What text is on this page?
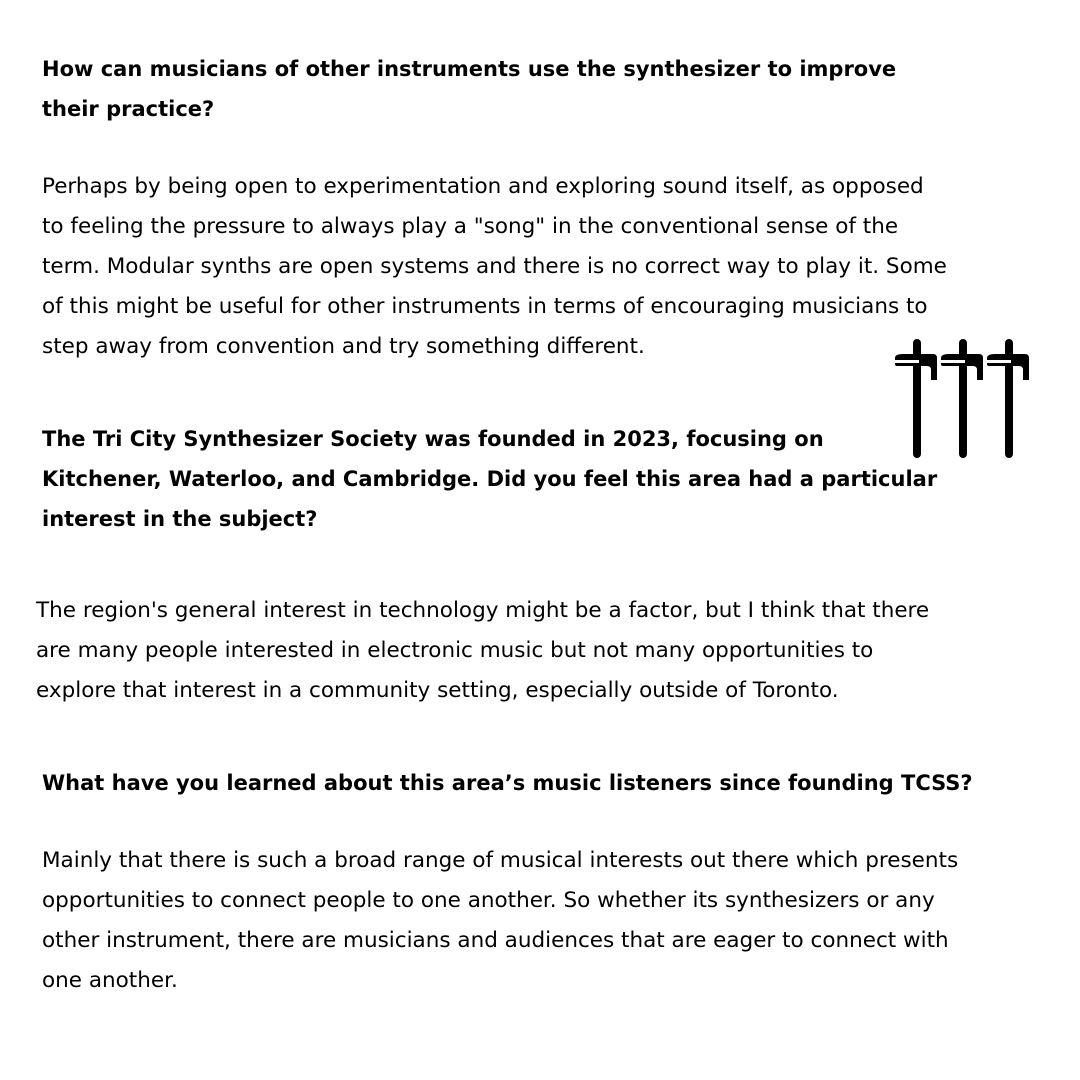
How can musicians of other instruments use the synthesizer to improve
their practice?

Perhaps by being open to experimentation and exploring sound itself, as opposed
to feeling the pressure to always play a "song" in the conventional sense of the
term. Modular synths are open systems and there is no correct way to play it. Some
of this might be useful for other instruments in terms of encouraging musicians to
step away from convention and try something different.

The Tri City Synthesizer Society was founded in 2023, focusing on
Kitchener, Waterloo, and Cambridge. Did you feel this area had a particular
interest in the subject?

The region's general interest in technology might be a factor, but I think that there
are many people interested in electronic music but not many opportunities to
explore that interest in a community setting, especially outside of Toronto.

What have you learned about this area’s music listeners since founding TCSS?

Mainly that there is such a broad range of musical interests out there which presents
opportunities to connect people to one another. So whether its synthesizers or any
other instrument, there are musicians and audiences that are eager to connect with
one another.
